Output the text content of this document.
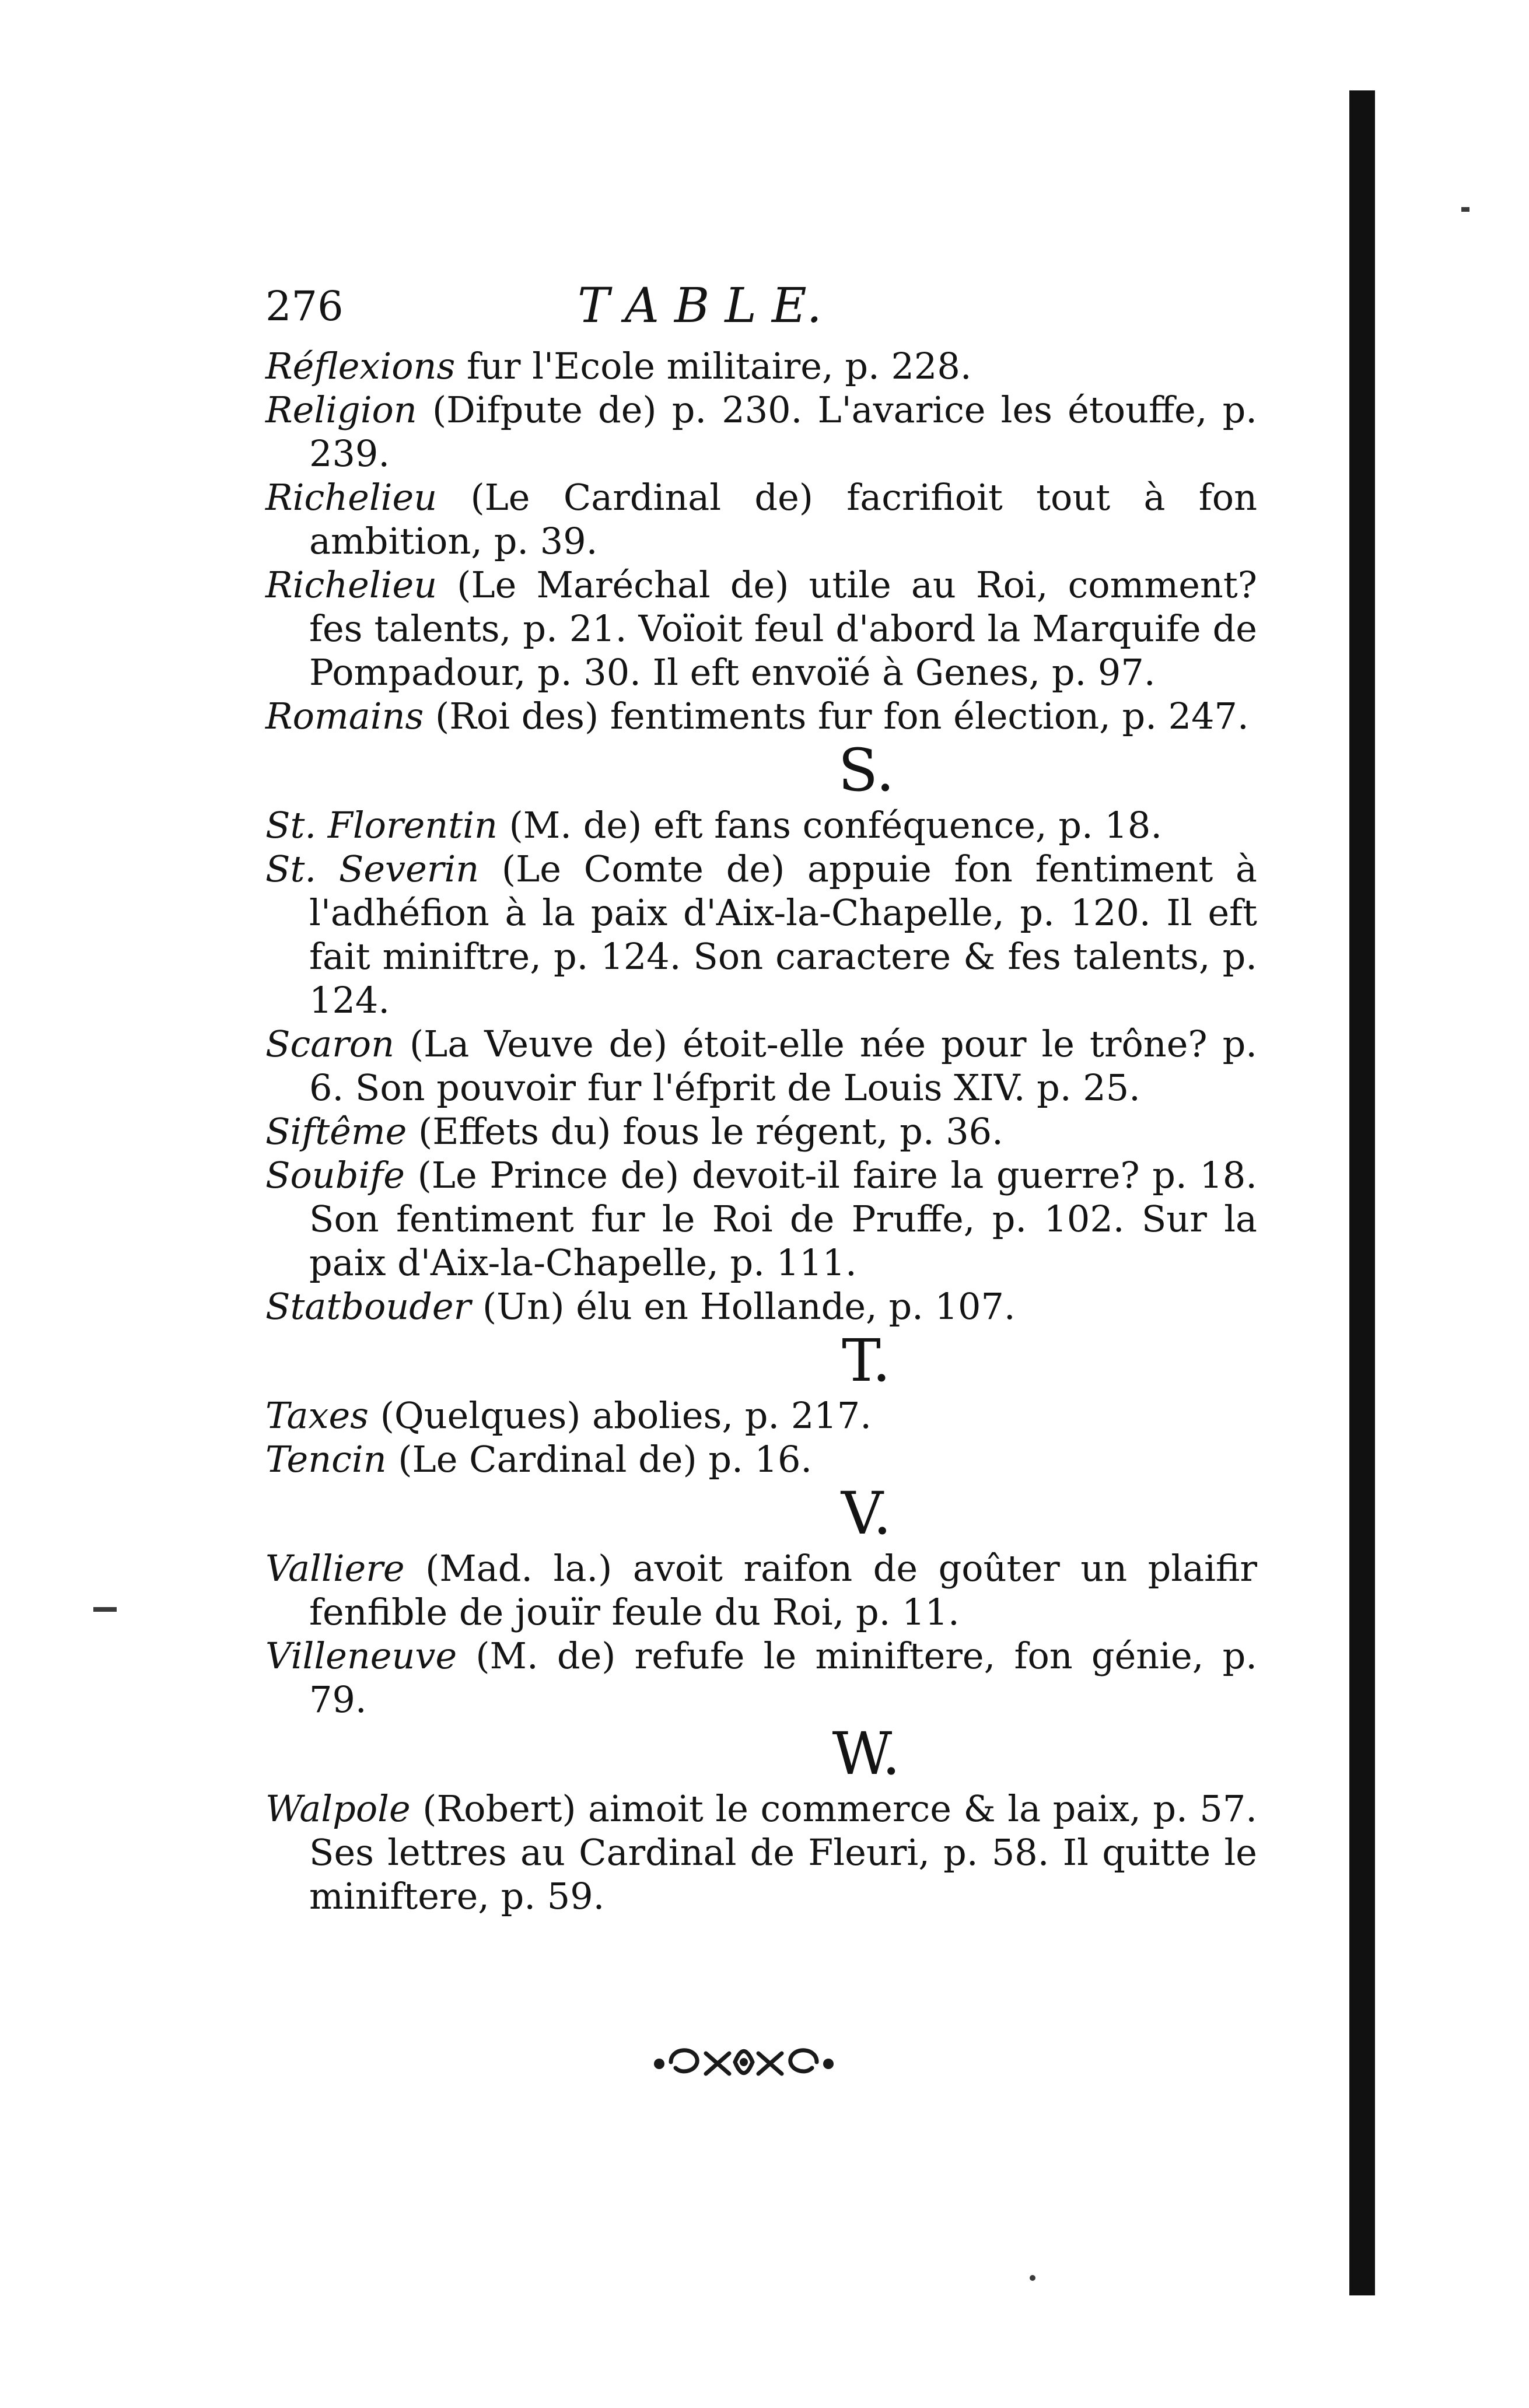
276	T A B L E.

Réflexions fur l'Ecole militaire, p. 228.

Religion (Difpute de) p. 230. L'avarice les étouffe, p. 239.

Richelieu (Le Cardinal de) facrifioit tout à fon ambition, p. 39.

Richelieu (Le Maréchal de) utile au Roi, comment? fes talents, p. 21. Voïoit feul d'abord la Marquife de Pompadour, p. 30. Il eft envoïé à Genes, p. 97.

Romains (Roi des) fentiments fur fon élection, p. 247.

S.

St. Florentin (M. de) eft fans conféquence, p. 18.

St. Severin (Le Comte de) appuie fon fentiment à l'adhéfion à la paix d'Aix-la-Chapelle, p. 120. Il eft fait miniftre, p. 124. Son caractere & fes talents, p. 124.

Scaron (La Veuve de) étoit-elle née pour le trône? p. 6. Son pouvoir fur l'éfprit de Louis XIV. p. 25.

Siftême (Effets du) fous le régent, p. 36.

Soubife (Le Prince de) devoit-il faire la guerre? p. 18. Son fentiment fur le Roi de Pruffe, p. 102. Sur la paix d'Aix-la-Chapelle, p. 111.

Statbouder (Un) élu en Hollande, p. 107.

T.

Taxes (Quelques) abolies, p. 217.

Tencin (Le Cardinal de) p. 16.

V.

Valliere (Mad. la.) avoit raifon de goûter un plaifir fenfible de jouïr feule du Roi, p. 11.

Villeneuve (M. de) refufe le miniftere, fon génie, p. 79.

W.

Walpole (Robert) aimoit le commerce & la paix, p. 57. Ses lettres au Cardinal de Fleuri, p. 58. Il quitte le miniftere, p. 59.
